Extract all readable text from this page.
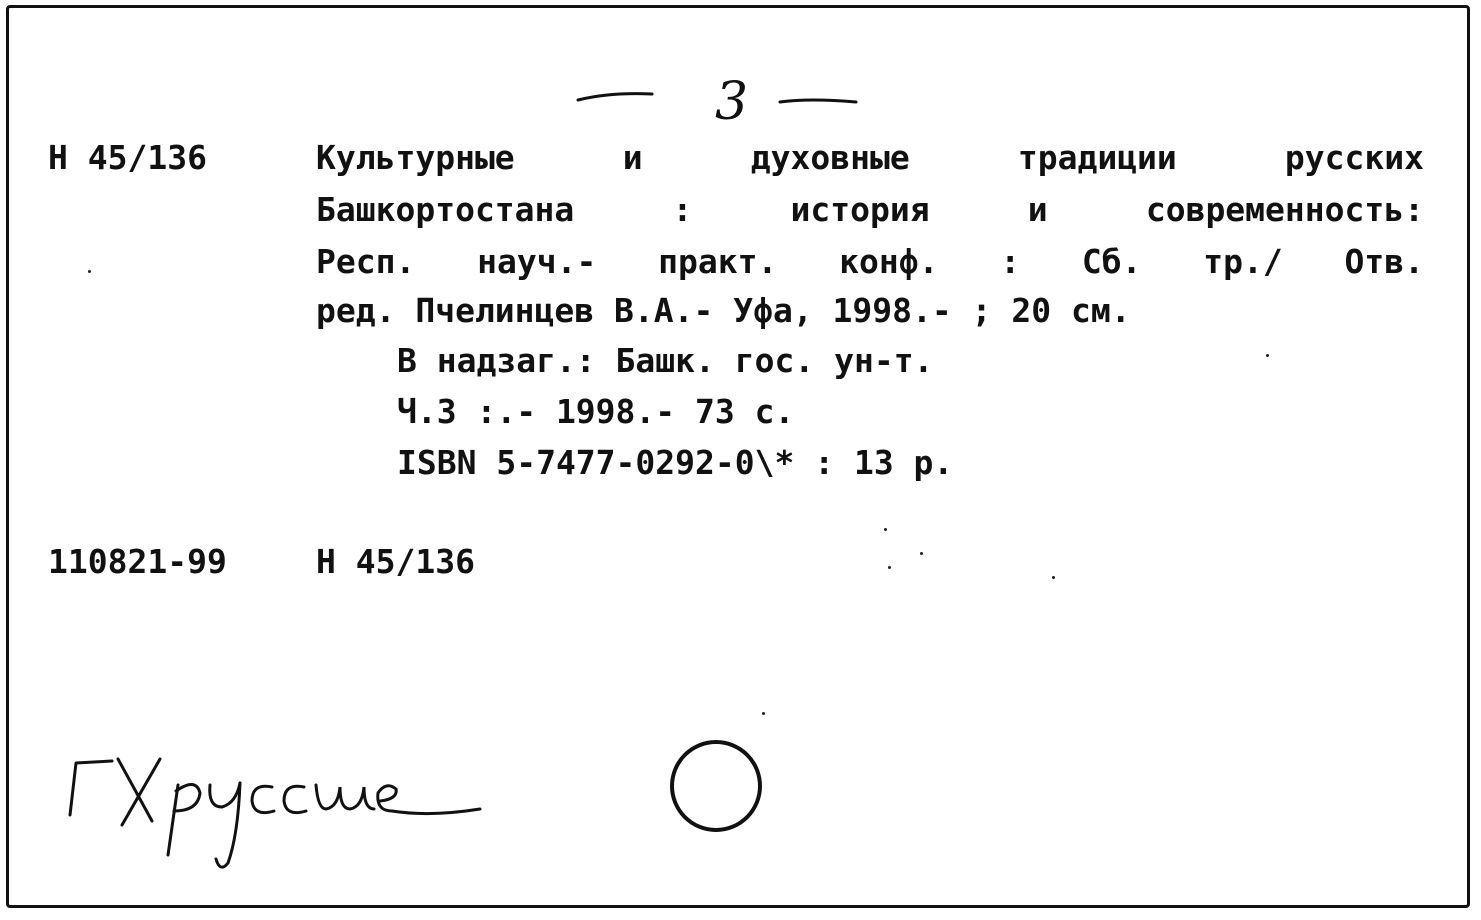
3
Н 45/136	Культурные и духовные традиции русских
Башкортостана : история и современность:
Респ. науч.- практ. конф. : Сб. тр./ Отв.
ред. Пчелинцев В.А.- Уфа, 1998.- ; 20 см.
В надзаг.: Башк. гос. ун-т.
Ч.3 :.- 1998.- 73 с.
ISBN 5-7477-0292-0\* : 13 р.
110821-99	Н 45/136
